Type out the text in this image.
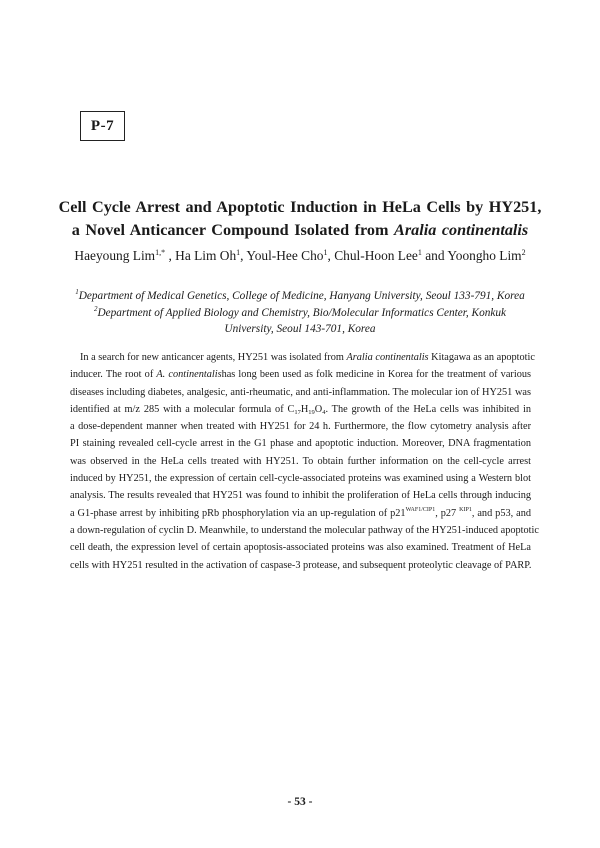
P-7
Cell Cycle Arrest and Apoptotic Induction in HeLa Cells by HY251,
a Novel Anticancer Compound Isolated from Aralia continentalis
Haeyoung Lim$^{1,*}$ , Ha Lim Oh$^1$, Youl-Hee Cho$^1$, Chul-Hoon Lee$^1$ and Yoongho Lim$^2$
$^1$Department of Medical Genetics, College of Medicine, Hanyang University, Seoul 133-791, Korea
$^2$Department of Applied Biology and Chemistry, Bio/Molecular Informatics Center, Konkuk
University, Seoul 143-701, Korea
In a search for new anticancer agents, HY251 was isolated from Aralia continentalis Kitagawa as an apoptotic
inducer. The root of A. continentalishas long been used as folk medicine in Korea for the treatment of various
diseases including diabetes, analgesic, anti-rheumatic, and anti-inflammation. The molecular ion of HY251 was
identified at m/z 285 with a molecular formula of $C_{17}H_{19}O_4$. The growth of the HeLa cells was inhibited in
a dose-dependent manner when treated with HY251 for 24 h. Furthermore, the flow cytometry analysis after
PI staining revealed cell-cycle arrest in the G1 phase and apoptotic induction. Moreover, DNA fragmentation
was observed in the HeLa cells treated with HY251. To obtain further information on the cell-cycle arrest
induced by HY251, the expression of certain cell-cycle-associated proteins was examined using a Western blot
analysis. The results revealed that HY251 was found to inhibit the proliferation of HeLa cells through inducing
a G1-phase arrest by inhibiting pRb phosphorylation via an up-regulation of $p21^{WAF1/CIP1}$, p27 $^{KIP1}$, and p53, and
a down-regulation of cyclin D. Meanwhile, to understand the molecular pathway of the HY251-induced apoptotic
cell death, the expression level of certain apoptosis-associated proteins was also examined. Treatment of HeLa
cells with HY251 resulted in the activation of caspase-3 protease, and subsequent proteolytic cleavage of PARP.
- 53 -
